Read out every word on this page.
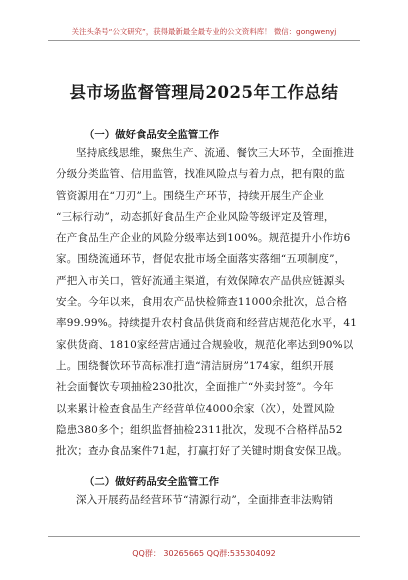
关注头条号“公文研究”，获得最新最全最专业的公文资料库！ 微信：gongwenyj
县市场监督管理局2025年工作总结
（一）做好食品安全监管工作
坚持底线思维，聚焦生产、流通、餐饮三大环节，全面推进
分级分类监管、信用监管，找准风险点与着力点，把有限的监
管资源用在“刀刃”上。围绕生产环节，持续开展生产企业
“三标行动”，动态抓好食品生产企业风险等级评定及管理，
在产食品生产企业的风险分级率达到100%。规范提升小作坊6
家。围绕流通环节，督促农批市场全面落实落细“五项制度”，
严把入市关口，管好流通主渠道，有效保障农产品供应链源头
安全。今年以来，食用农产品快检筛查11000余批次，总合格
率99.99%。持续提升农村食品供货商和经营店规范化水平，41
家供货商、1810家经营店通过合规验收，规范化率达到90%以
上。围绕餐饮环节高标准打造“清洁厨房”174家，组织开展
社会面餐饮专项抽检230批次，全面推广“外卖封签”。今年
以来累计检查食品生产经营单位4000余家（次），处置风险
隐患380多个；组织监督抽检2311批次，发现不合格样品52
批次；查办食品案件71起，打赢打好了关键时期食安保卫战。
（二）做好药品安全监管工作
深入开展药品经营环节“清源行动”，全面排查非法购销
QQ群： 30265665 QQ群:535304092
